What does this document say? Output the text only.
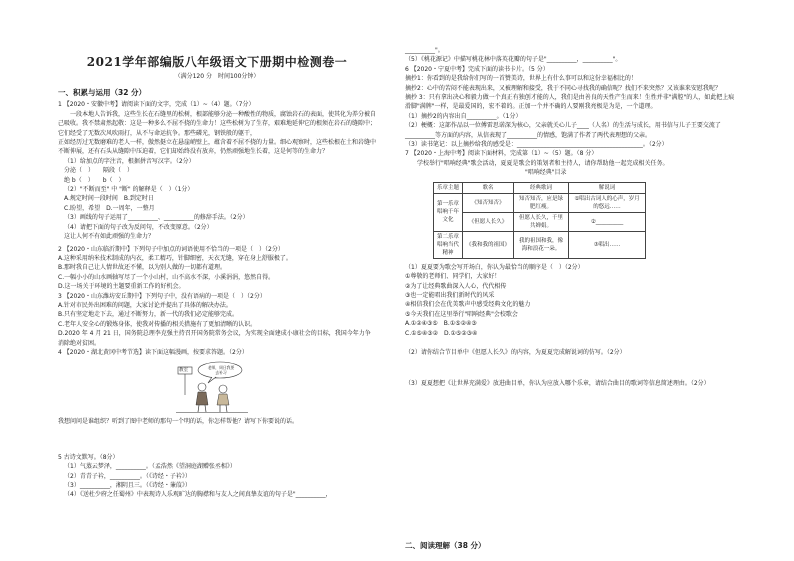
2021学年部编版八年级语文下册期中检测卷一
（满分120 分　时间100分钟）
一、积累与运用（32 分）

1 【2020・安徽中考】请阅读下面的文字，完成（1）~（4）题。（7分）

　　一段本地人告诉我，这些生长在石缝里的松树，根部能够分泌一种酸性的物质，腐蚀岩石的表面，使其化为养分被自己吸收。我不禁肃然起敬：这是一种多么不屈不挠的生命力！这些松树为了生存，艰难地延伸它的根须在岩石的缝隙中；它们经受了无数次风吹雨打，从不与命运抗争。那些磷光，钢铁般的躯干，

正如经历过无数磨难的老人一样，傲然挺立在悬崖峭壁上，蕴含着不屈不挠的力量。细心观察时，这些松根在土和岩缝中不断伸展，还有石头从缝隙中压迫着，它们却始终没有放弃，仍然顽强地生长着，这是何等的生命力？

（1）给加点的字注音，根据拼音写汉字。（2分）

分泌（　）　　隔段（　）

绝 b（　）　　b（　）

（2）"不断而至" 中 "断" 的解释是（　）（1分）

A.规定时间一段时间　B.到定时日

C.盼望，希望　D.一周年，一整月

（3）画线的句子运用了__________、__________的修辞手法。（2分）

（4）请把下面的句子改为反问句，不改变原意。（2分）

这让人何不有如此顽强的生命力？

2 【2020・山东临沂期中】下列句子中加点的词语使用不恰当的一项是（　）（2分）

A.这种采用纳米技术制成的内衣，柔工精巧，针脚细密，天衣无缝，穿在身上舒服极了。

B.那时我自己让人情世故还不懂，以为别人做的一切都有道理。

C.一幅小小的山水画轴写尽了一个小山村，山不高水不深，小溪涓涓，悠然自得。

D.这一场关于环境的主题要重新工作的好机会。

3 【2020・山东潍坊安丘期中】下列句子中，没有语病的一项是（　）（2分）

A.针对市民外出困难的问题，大家讨论并提出了具体的解决办法。

B.只有坚定地走下去，通过不断努力，新一代的我们必定能够完成。

C.老年人安全心的锻炼身体，使我对传播的相关措施有了更加清晰的认识。

D.2020 年 4 月 21 日，国务院总理李克强主持召开国务院常务会议，为实现全面建成小康社会的目标，我国今年力争消除绝对贫困。

4 【2020・湖北黄冈中考节选】读下面这幅漫画，按要求答题。（2分）

教室
老师，周日我要去补习

我想问问是谁组织？听到了图中老师的那句一个明的话，你怎样帮他？请写下你要说的话。

5 古诗文默写。（8分）

（1）气蒸云梦泽，__________。（孟浩然《望洞庭湖赠张丞相》）

（2）青青子衿，__________。（《诗经・子衿》）

（3）__________，湘阴且三。（《诗经・蒹葭》）

（4）《送杜少府之任蜀州》中表现诗人乐观旷达的胸襟和与友人之间真挚友谊的句子是"__________，

__________"。

（5）《桃花源记》中描写桃花林中落英花瓣的句子是"__________，__________"。

6 【2020・宁夏中考】完成下面的读书卡片。（5 分）

摘抄1：你看到的是我给你们写的一首赞美诗，世界上有什么事可以和这份幸福相比的！

摘抄2：心中的苦闷不能表现出来，又被理解和接受，我于不同心寻找我的确信呢？找们不来突然？又该谁来安慰我呢？

摘抄 3：只有拿出决心和毅力做一个真正有独创才能的人，我们是由善良的天性产生而来！生性并非"满腔"的人，如此把上痕滑脚"满牌"一样，是最爱国的，宏不着的。正加一个并不确的人要刚我亮极是为是，一个道理。

（1）摘抄2的内容出自__________。（1分）

（2）梗概：这部作品以一位傅雷思诺深为核心，父亲就关心儿子____（人名）的生活与成长，用书信与儿子王要交流了__________等方面的内容，从信表现了__________的情感，饱满了作者了两代表理想的父亲。

（3）读书笔记：以上摘抄给我的感受是：__________________________________________。（2分）

7 【2020・上海中考】阅读下面材料，完成第（1）~（5）题。（8 分）

　　学校举行"唱响经典"歌会活动，夏夏是歌会的策划者和主持人，请你帮助他一起完成相关任务。

"唱响经典"目录
乐章主题	歌名	经典歌词	解说词
第一乐章
唱响千年
文化	《知否知否》	知否知否，应是绿肥红瘦。	①唱出古词人的心声，岁月的悠远……
	《但愿人长久》	但愿人长久，千里共婵娟。	②__________
第二乐章
唱响当代
精神	《我和我的祖国》	我的祖国和我，像海和浪花一朵。	③唱出……

（1）夏夏要为歌会写开场白，你认为最恰当的顺序是（　）（2分）

①尊敬的老师们、同学们，大家好！

②为了让经典歌曲深入人心，代代相传

③也一定能唱出我们新时代的风采

④相信我们会在优美歌声中感受经典文化的魅力

⑤今天我们在这里举行"唱响经典"会校歌会

A.①②④③⑤　B.①⑤②④③

C.①⑤④③②　D.①⑤②③④

（2）请你结合节目单中《但愿人长久》的内容，为夏夏完成解说词的仿写。（2分）

（3）夏夏想把《让世界充满爱》放进曲目单，你认为应放入哪个乐章，请结合曲目的歌词等信息简述理由。（2分）

二、阅读理解（38 分）
